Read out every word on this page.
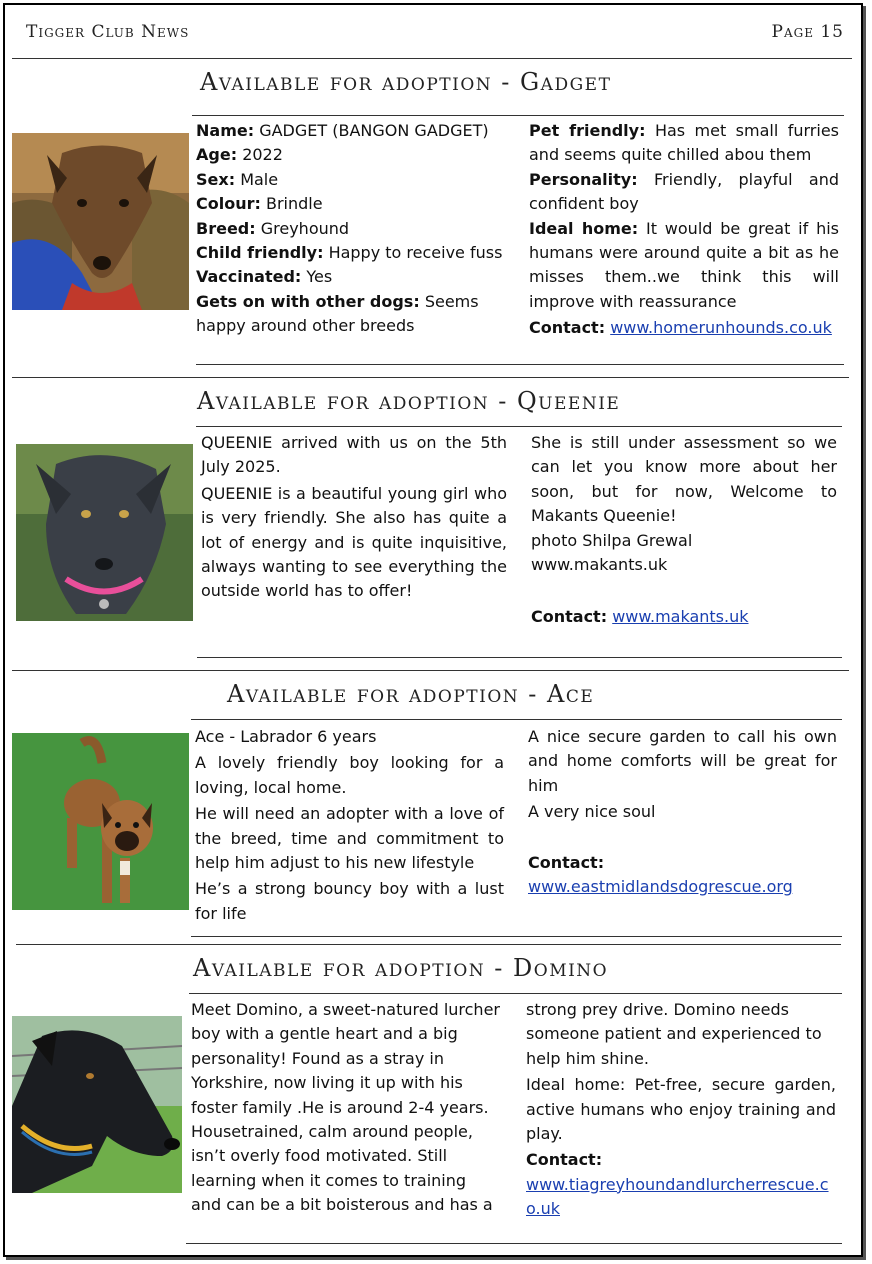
Tigger Club News	Page 15
Available for adoption - Gadget

Name: GADGET (BANGON GADGET)

Age: 2022

Sex: Male

Colour: Brindle

Breed: Greyhound

Child friendly: Happy to receive fuss

Vaccinated: Yes

Gets on with other dogs: Seems happy around other breeds

Pet friendly: Has met small furries and seems quite chilled abou them

Personality: Friendly, playful and confident boy

Ideal home: It would be great if his humans were around quite a bit as he misses them..we think this will improve with reassurance

Contact: www.homerunhounds.co.uk

Available for adoption - Queenie

QUEENIE arrived with us on the 5th July 2025.

QUEENIE is a beautiful young girl who is very friendly. She also has quite a lot of energy and is quite inquisitive, always wanting to see everything the outside world has to offer!

She is still under assessment so we can let you know more about her soon, but for now, Welcome to Makants Queenie!

photo Shilpa Grewal

www.makants.uk

Contact: www.makants.uk

Available for adoption - Ace

Ace - Labrador 6 years

A lovely friendly boy looking for a loving, local home.

He will need an adopter with a love of the breed, time and commitment to help him adjust to his new lifestyle

He’s a strong bouncy boy with a lust for life

A nice secure garden to call his own and home comforts will be great for him

A very nice soul

Contact:

www.eastmidlandsdogrescue.org

Available for adoption - Domino

Meet Domino, a sweet-natured lurcher boy with a gentle heart and a big personality! Found as a stray in Yorkshire, now living it up with his foster family .He is around 2-4 years. Housetrained, calm around people, isn’t overly food motivated. Still learning when it comes to training and can be a bit boisterous and has a

strong prey drive. Domino needs someone patient and experienced to help him shine.

Ideal home: Pet-free, secure garden, active humans who enjoy training and play.

Contact:

www.tiagreyhoundandlurcherrescue.co.uk
